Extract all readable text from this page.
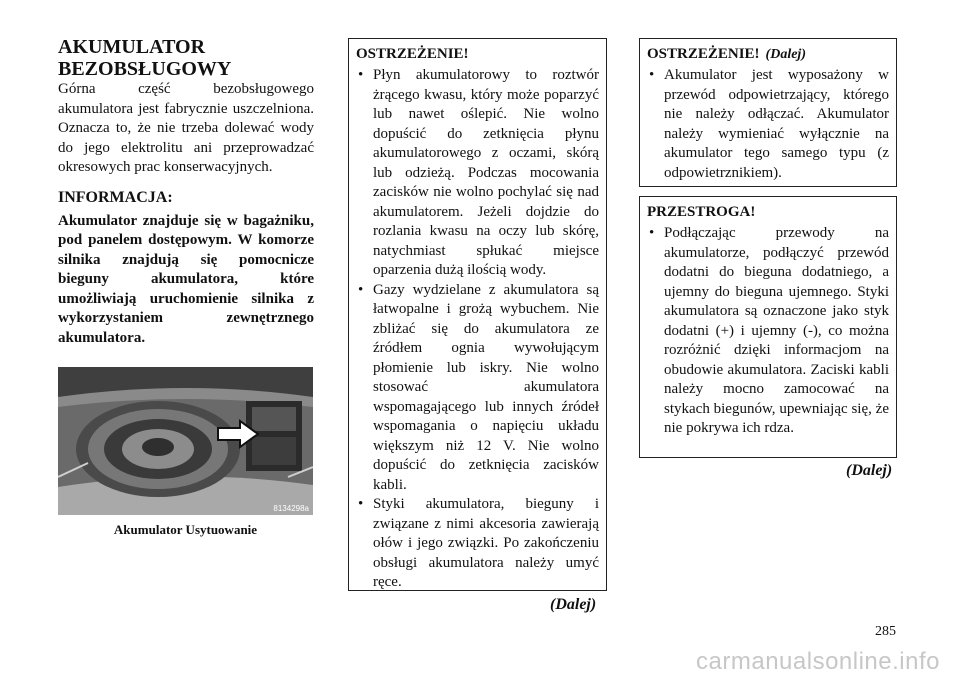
AKUMULATOR BEZOBSŁUGOWY

Górna część bezobsługowego akumulatora jest fabrycznie uszczelniona. Oznacza to, że nie trzeba dolewać wody do jego elektrolitu ani przeprowadzać okresowych prac konserwacyjnych.

INFORMACJA:

Akumulator znajduje się w bagażniku, pod panelem dostępowym. W komorze silnika znajdują się pomocnicze bieguny akumulatora, które umożliwiają uruchomienie silnika z wykorzystaniem zewnętrznego akumulatora.

8134298a
Akumulator Usytuowanie
OSTRZEŻENIE!
• Płyn akumulatorowy to roztwór żrącego kwasu, który może poparzyć lub nawet oślepić. Nie wolno dopuścić do zetknięcia płynu akumulatorowego z oczami, skórą lub odzieżą. Podczas mocowania zacisków nie wolno pochylać się nad akumulatorem. Jeżeli dojdzie do rozlania kwasu na oczy lub skórę, natychmiast spłukać miejsce oparzenia dużą ilością wody.
• Gazy wydzielane z akumulatora są łatwopalne i grożą wybuchem. Nie zbliżać się do akumulatora ze źródłem ognia wywołującym płomienie lub iskry. Nie wolno stosować akumulatora wspomagającego lub innych źródeł wspomagania o napięciu układu większym niż 12 V. Nie wolno dopuścić do zetknięcia zacisków kabli.
• Styki akumulatora, bieguny i związane z nimi akcesoria zawierają ołów i jego związki. Po zakończeniu obsługi akumulatora należy umyć ręce.
(Dalej)
OSTRZEŻENIE! (Dalej)
• Akumulator jest wyposażony w przewód odpowietrzający, którego nie należy odłączać. Akumulator należy wymieniać wyłącznie na akumulator tego samego typu (z odpowietrznikiem).
PRZESTROGA!
• Podłączając przewody na akumulatorze, podłączyć przewód dodatni do bieguna dodatniego, a ujemny do bieguna ujemnego. Styki akumulatora są oznaczone jako styk dodatni (+) i ujemny (-), co można rozróżnić dzięki informacjom na obudowie akumulatora. Zaciski kabli należy mocno zamocować na stykach biegunów, upewniając się, że nie pokrywa ich rdza.
(Dalej)
285
carmanualsonline.info
